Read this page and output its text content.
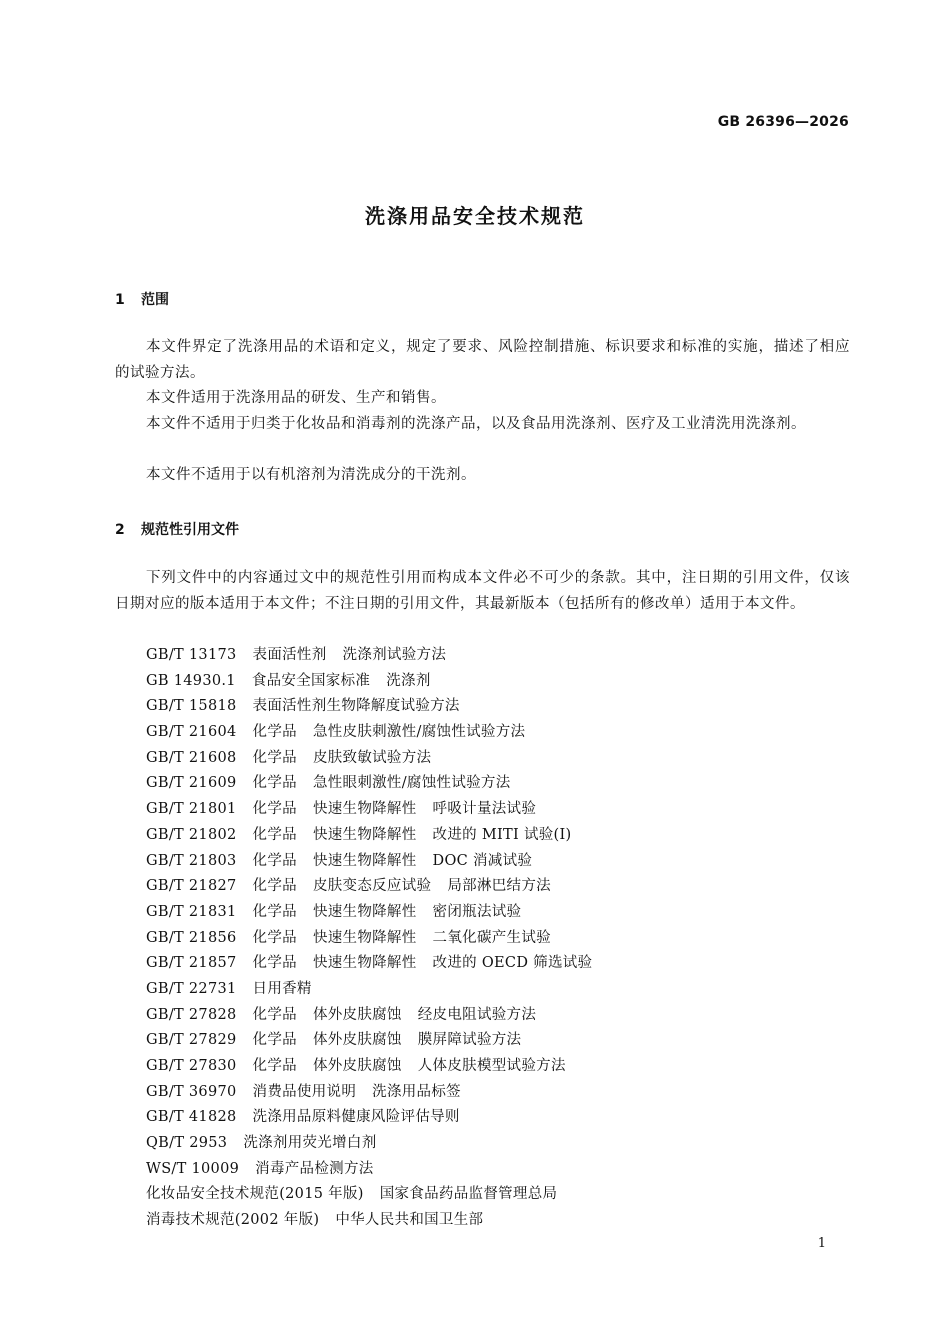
GB 26396—2026
洗涤用品安全技术规范
1 范围
本文件界定了洗涤用品的术语和定义，规定了要求、风险控制措施、标识要求和标准的实施，描述了相应的试验方法。
本文件适用于洗涤用品的研发、生产和销售。
本文件不适用于归类于化妆品和消毒剂的洗涤产品，以及食品用洗涤剂、医疗及工业清洗用洗涤剂。
本文件不适用于以有机溶剂为清洗成分的干洗剂。
2 规范性引用文件
下列文件中的内容通过文中的规范性引用而构成本文件必不可少的条款。其中，注日期的引用文件，仅该日期对应的版本适用于本文件；不注日期的引用文件，其最新版本（包括所有的修改单）适用于本文件。
GB/T 13173 表面活性剂 洗涤剂试验方法
GB 14930.1 食品安全国家标准 洗涤剂
GB/T 15818 表面活性剂生物降解度试验方法
GB/T 21604 化学品 急性皮肤刺激性/腐蚀性试验方法
GB/T 21608 化学品 皮肤致敏试验方法
GB/T 21609 化学品 急性眼刺激性/腐蚀性试验方法
GB/T 21801 化学品 快速生物降解性 呼吸计量法试验
GB/T 21802 化学品 快速生物降解性 改进的 MITI 试验(I)
GB/T 21803 化学品 快速生物降解性 DOC 消减试验
GB/T 21827 化学品 皮肤变态反应试验 局部淋巴结方法
GB/T 21831 化学品 快速生物降解性 密闭瓶法试验
GB/T 21856 化学品 快速生物降解性 二氧化碳产生试验
GB/T 21857 化学品 快速生物降解性 改进的 OECD 筛选试验
GB/T 22731 日用香精
GB/T 27828 化学品 体外皮肤腐蚀 经皮电阻试验方法
GB/T 27829 化学品 体外皮肤腐蚀 膜屏障试验方法
GB/T 27830 化学品 体外皮肤腐蚀 人体皮肤模型试验方法
GB/T 36970 消费品使用说明 洗涤用品标签
GB/T 41828 洗涤用品原料健康风险评估导则
QB/T 2953 洗涤剂用荧光增白剂
WS/T 10009 消毒产品检测方法
化妆品安全技术规范(2015 年版) 国家食品药品监督管理总局
消毒技术规范(2002 年版) 中华人民共和国卫生部
1
